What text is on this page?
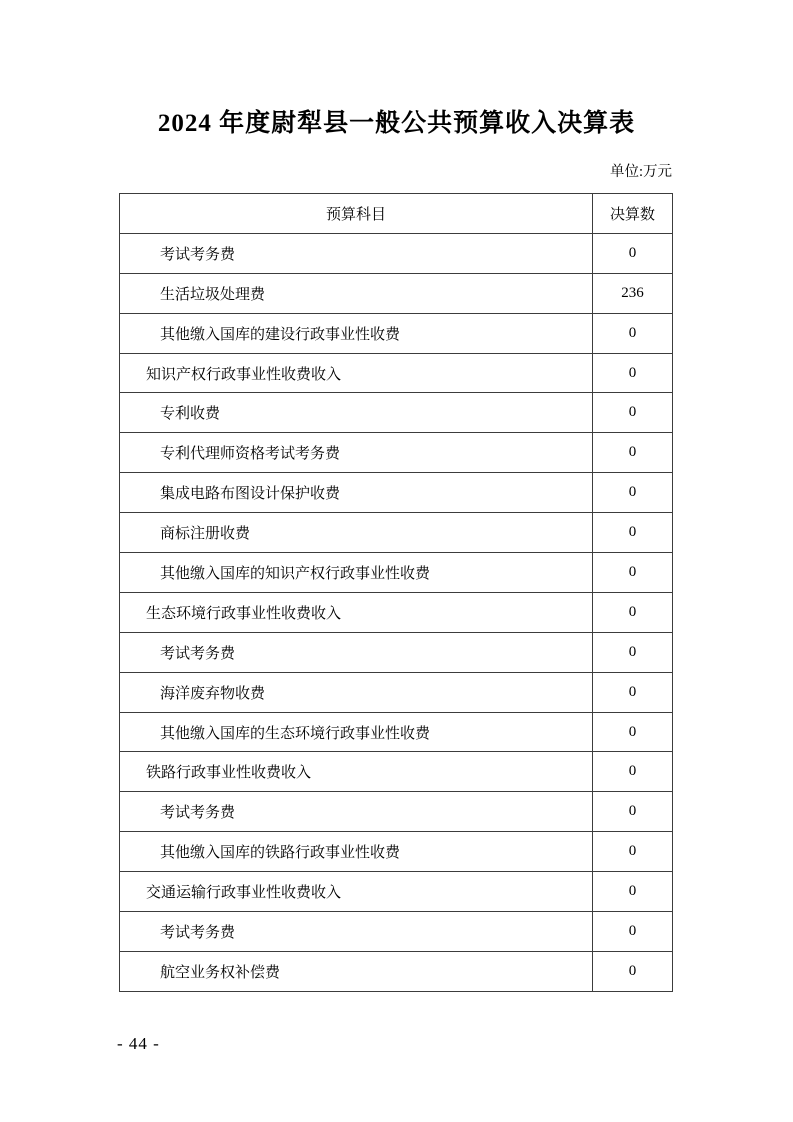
2024 年度尉犁县一般公共预算收入决算表
单位:万元
预算科目	决算数
考试考务费	0
生活垃圾处理费	236
其他缴入国库的建设行政事业性收费	0
知识产权行政事业性收费收入	0
专利收费	0
专利代理师资格考试考务费	0
集成电路布图设计保护收费	0
商标注册收费	0
其他缴入国库的知识产权行政事业性收费	0
生态环境行政事业性收费收入	0
考试考务费	0
海洋废弃物收费	0
其他缴入国库的生态环境行政事业性收费	0
铁路行政事业性收费收入	0
考试考务费	0
其他缴入国库的铁路行政事业性收费	0
交通运输行政事业性收费收入	0
考试考务费	0
航空业务权补偿费	0
- 44 -
